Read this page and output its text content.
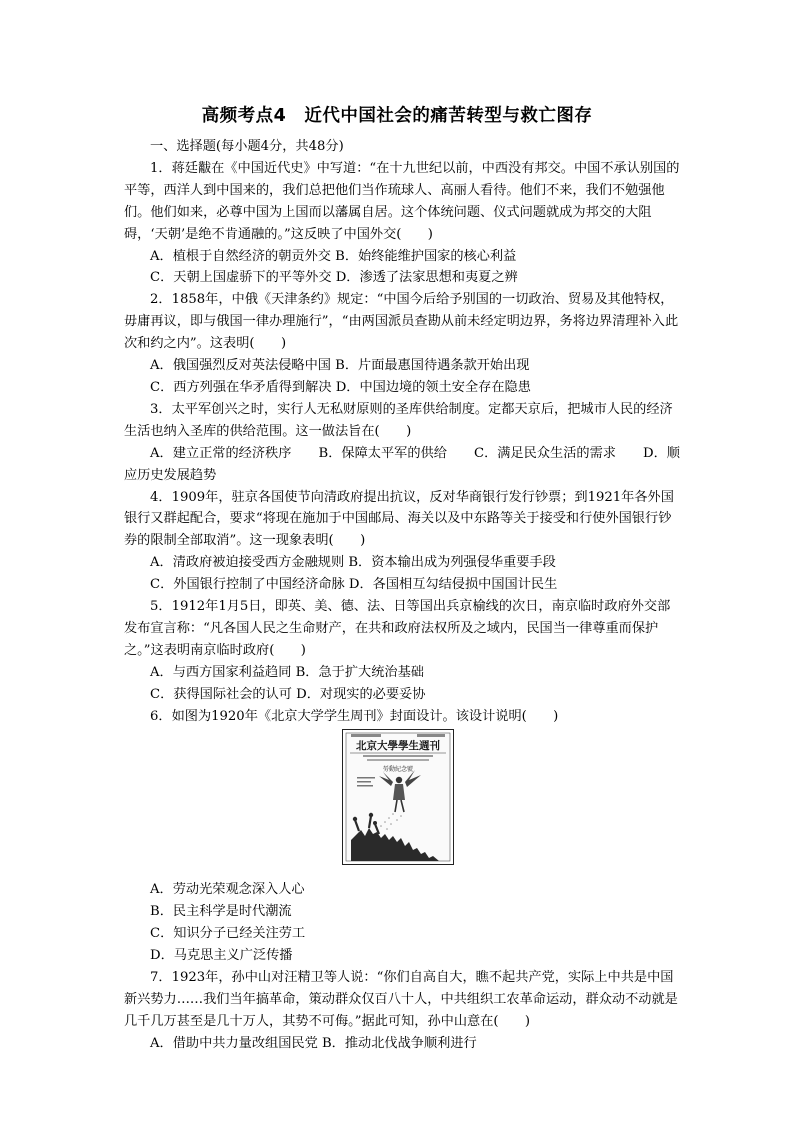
高频考点4　近代中国社会的痛苦转型与救亡图存

一、选择题(每小题4分，共48分)

1．蒋廷黻在《中国近代史》中写道：“在十九世纪以前，中西没有邦交。中国不承认别国的平等，西洋人到中国来的，我们总把他们当作琉球人、高丽人看待。他们不来，我们不勉强他们。他们如来，必尊中国为上国而以藩属自居。这个体统问题、仪式问题就成为邦交的大阻碍，‘天朝’是绝不肯通融的。”这反映了中国外交(　　)

A．植根于自然经济的朝贡外交 B．始终能维护国家的核心利益

C．天朝上国虚骄下的平等外交 D．渗透了法家思想和夷夏之辨

2．1858年，中俄《天津条约》规定：“中国今后给予别国的一切政治、贸易及其他特权，毋庸再议，即与俄国一律办理施行”，“由两国派员查勘从前未经定明边界，务将边界清理补入此次和约之内”。这表明(　　)

A．俄国强烈反对英法侵略中国 B．片面最惠国待遇条款开始出现

C．西方列强在华矛盾得到解决 D．中国边境的领土安全存在隐患

3．太平军创兴之时，实行人无私财原则的圣库供给制度。定都天京后，把城市人民的经济生活也纳入圣库的供给范围。这一做法旨在(　　)

A．建立正常的经济秩序	B．保障太平军的供给	C．满足民众生活的需求	D．顺

应历史发展趋势

4．1909年，驻京各国使节向清政府提出抗议，反对华商银行发行钞票；到1921年各外国银行又群起配合，要求“将现在施加于中国邮局、海关以及中东路等关于接受和行使外国银行钞券的限制全部取消”。这一现象表明(　　)

A．清政府被迫接受西方金融规则 B．资本输出成为列强侵华重要手段

C．外国银行控制了中国经济命脉 D．各国相互勾结侵损中国国计民生

5．1912年1月5日，即英、美、德、法、日等国出兵京榆线的次日，南京临时政府外交部发布宣言称：“凡各国人民之生命财产，在共和政府法权所及之域内，民国当一律尊重而保护之。”这表明南京临时政府(　　)

A．与西方国家利益趋同 B．急于扩大统治基础

C．获得国际社会的认可 D．对现实的必要妥协

6．如图为1920年《北京大学学生周刊》封面设计。该设计说明(　　)

北京大學學生週刊
勞動紀念號

A．劳动光荣观念深入人心

B．民主科学是时代潮流

C．知识分子已经关注劳工

D．马克思主义广泛传播

7．1923年，孙中山对汪精卫等人说：“你们自高自大，瞧不起共产党，实际上中共是中国新兴势力……我们当年搞革命，策动群众仅百八十人，中共组织工农革命运动，群众动不动就是几千几万甚至是几十万人，其势不可侮。”据此可知，孙中山意在(　　)

A．借助中共力量改组国民党 B．推动北伐战争顺利进行
